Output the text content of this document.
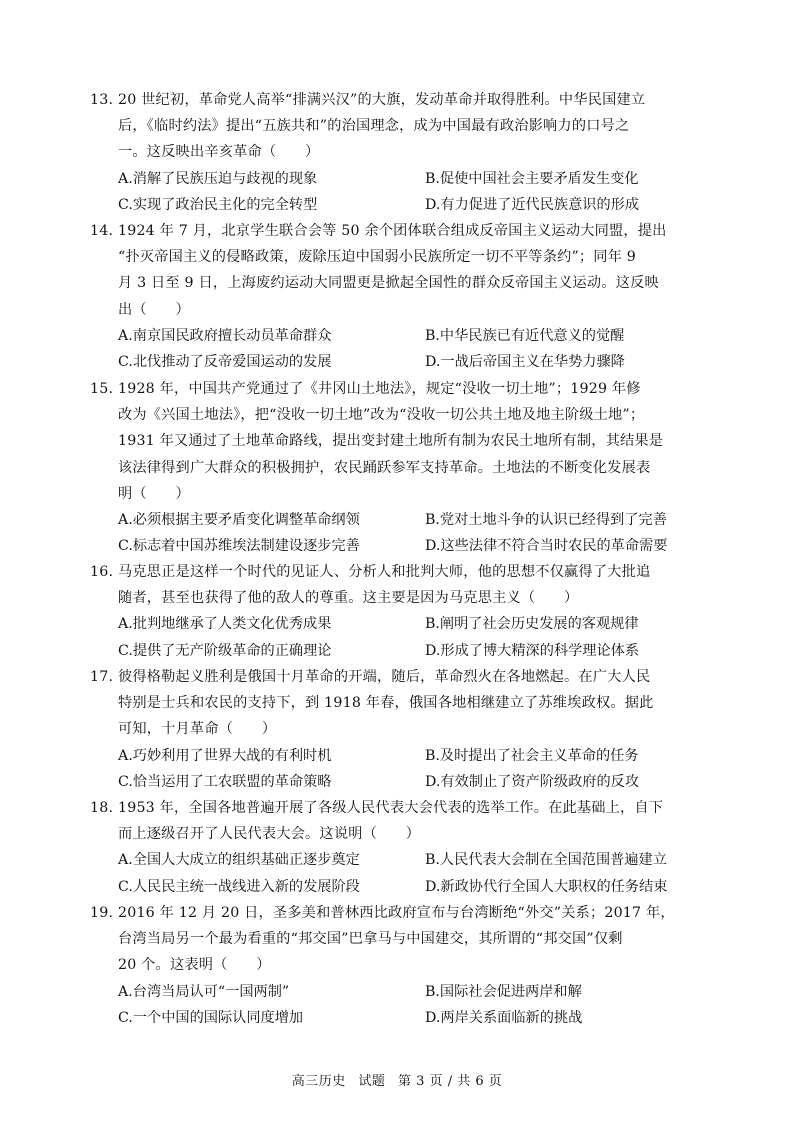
13. 20 世纪初，革命党人高举“排满兴汉”的大旗，发动革命并取得胜利。中华民国建立
后，《临时约法》提出“五族共和”的治国理念，成为中国最有政治影响力的口号之
一。这反映出辛亥革命（　　）
A.消解了民族压迫与歧视的现象	B.促使中国社会主要矛盾发生变化
C.实现了政治民主化的完全转型	D.有力促进了近代民族意识的形成
14. 1924 年 7 月，北京学生联合会等 50 余个团体联合组成反帝国主义运动大同盟，提出
“扑灭帝国主义的侵略政策，废除压迫中国弱小民族所定一切不平等条约”；同年 9
月 3 日至 9 日，上海废约运动大同盟更是掀起全国性的群众反帝国主义运动。这反映
出（　　）
A.南京国民政府擅长动员革命群众	B.中华民族已有近代意义的觉醒
C.北伐推动了反帝爱国运动的发展	D.一战后帝国主义在华势力骤降
15. 1928 年，中国共产党通过了《井冈山土地法》，规定“没收一切土地”；1929 年修
改为《兴国土地法》，把“没收一切土地”改为“没收一切公共土地及地主阶级土地”；
1931 年又通过了土地革命路线，提出变封建土地所有制为农民土地所有制，其结果是
该法律得到广大群众的积极拥护，农民踊跃参军支持革命。土地法的不断变化发展表
明（　　）
A.必须根据主要矛盾变化调整革命纲领	B.党对土地斗争的认识已经得到了完善
C.标志着中国苏维埃法制建设逐步完善	D.这些法律不符合当时农民的革命需要
16. 马克思正是这样一个时代的见证人、分析人和批判大师，他的思想不仅赢得了大批追
随者，甚至也获得了他的敌人的尊重。这主要是因为马克思主义（　　）
A.批判地继承了人类文化优秀成果	B.阐明了社会历史发展的客观规律
C.提供了无产阶级革命的正确理论	D.形成了博大精深的科学理论体系
17. 彼得格勒起义胜利是俄国十月革命的开端，随后，革命烈火在各地燃起。在广大人民
特别是士兵和农民的支持下，到 1918 年春，俄国各地相继建立了苏维埃政权。据此
可知，十月革命（　　）
A.巧妙利用了世界大战的有利时机	B.及时提出了社会主义革命的任务
C.恰当运用了工农联盟的革命策略	D.有效制止了资产阶级政府的反攻
18. 1953 年，全国各地普遍开展了各级人民代表大会代表的选举工作。在此基础上，自下
而上逐级召开了人民代表大会。这说明（　　）
A.全国人大成立的组织基础正逐步奠定	B.人民代表大会制在全国范围普遍建立
C.人民民主统一战线进入新的发展阶段	D.新政协代行全国人大职权的任务结束
19. 2016 年 12 月 20 日，圣多美和普林西比政府宣布与台湾断绝“外交”关系；2017 年，
台湾当局另一个最为看重的“邦交国”巴拿马与中国建交，其所谓的“邦交国”仅剩
20 个。这表明（　　）
A.台湾当局认可“一国两制”	B.国际社会促进两岸和解
C.一个中国的国际认同度增加	D.两岸关系面临新的挑战
高三历史 试题 第 3 页 / 共 6 页
